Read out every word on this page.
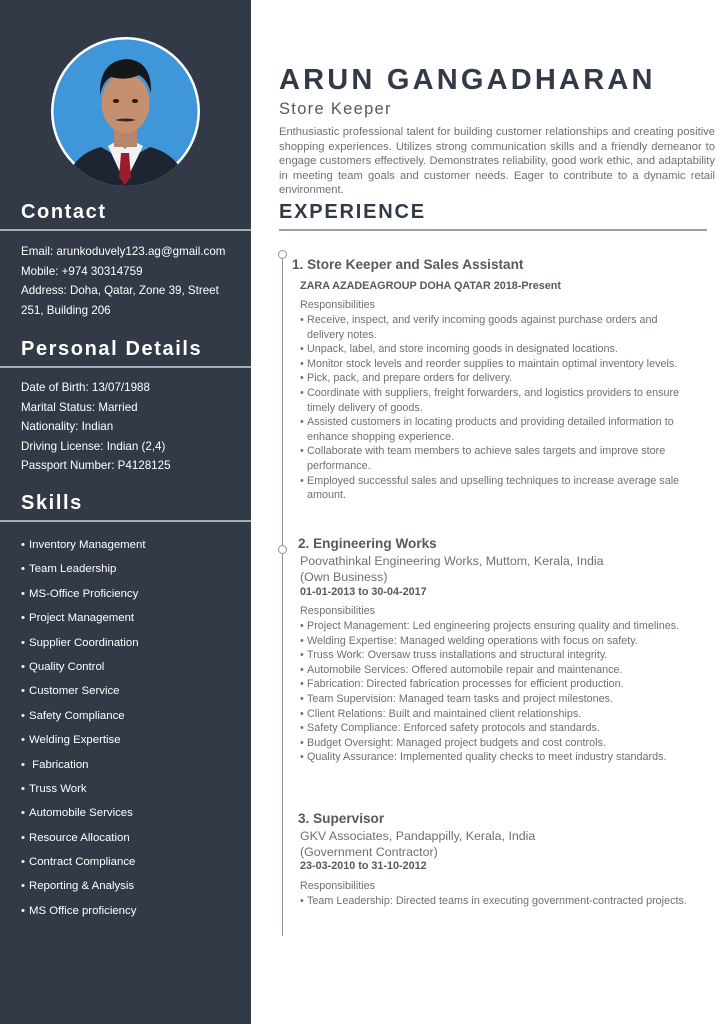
Contact
Email: arunkoduvely123.ag@gmail.com
Mobile: +974 30314759
Address: Doha, Qatar, Zone 39, Street
251, Building 206
Personal Details
Date of Birth: 13/07/1988
Marital Status: Married
Nationality: Indian
Driving License: Indian (2,4)
Passport Number: P4128125
Skills
• Inventory Management
• Team Leadership
• MS-Office Proficiency
• Project Management
• Supplier Coordination
• Quality Control
• Customer Service
• Safety Compliance
• Welding Expertise
• Fabrication
• Truss Work
• Automobile Services
• Resource Allocation
• Contract Compliance
• Reporting & Analysis
• MS Office proficiency
ARUN GANGADHARAN
Store Keeper
Enthusiastic professional talent for building customer relationships and creating positive shopping experiences. Utilizes strong communication skills and a friendly demeanor to engage customers effectively. Demonstrates reliability, good work ethic, and adaptability in meeting team goals and customer needs. Eager to contribute to a dynamic retail environment.
EXPERIENCE
1. Store Keeper and Sales Assistant
ZARA AZADEAGROUP DOHA QATAR 2018-Present
Responsibilities
• Receive, inspect, and verify incoming goods against purchase orders and delivery notes.
• Unpack, label, and store incoming goods in designated locations.
• Monitor stock levels and reorder supplies to maintain optimal inventory levels.
• Pick, pack, and prepare orders for delivery.
• Coordinate with suppliers, freight forwarders, and logistics providers to ensure timely delivery of goods.
• Assisted customers in locating products and providing detailed information to enhance shopping experience.
• Collaborate with team members to achieve sales targets and improve store performance.
• Employed successful sales and upselling techniques to increase average sale amount.
2. Engineering Works
Poovathinkal Engineering Works, Muttom, Kerala, India
(Own Business)
01-01-2013 to 30-04-2017
Responsibilities
• Project Management: Led engineering projects ensuring quality and timelines.
• Welding Expertise: Managed welding operations with focus on safety.
• Truss Work: Oversaw truss installations and structural integrity.
• Automobile Services: Offered automobile repair and maintenance.
• Fabrication: Directed fabrication processes for efficient production.
• Team Supervision: Managed team tasks and project milestones.
• Client Relations: Built and maintained client relationships.
• Safety Compliance: Enforced safety protocols and standards.
• Budget Oversight: Managed project budgets and cost controls.
• Quality Assurance: Implemented quality checks to meet industry standards.
3. Supervisor
GKV Associates, Pandappilly, Kerala, India
(Government Contractor)
23-03-2010 to 31-10-2012
Responsibilities
• Team Leadership: Directed teams in executing government-contracted projects.
